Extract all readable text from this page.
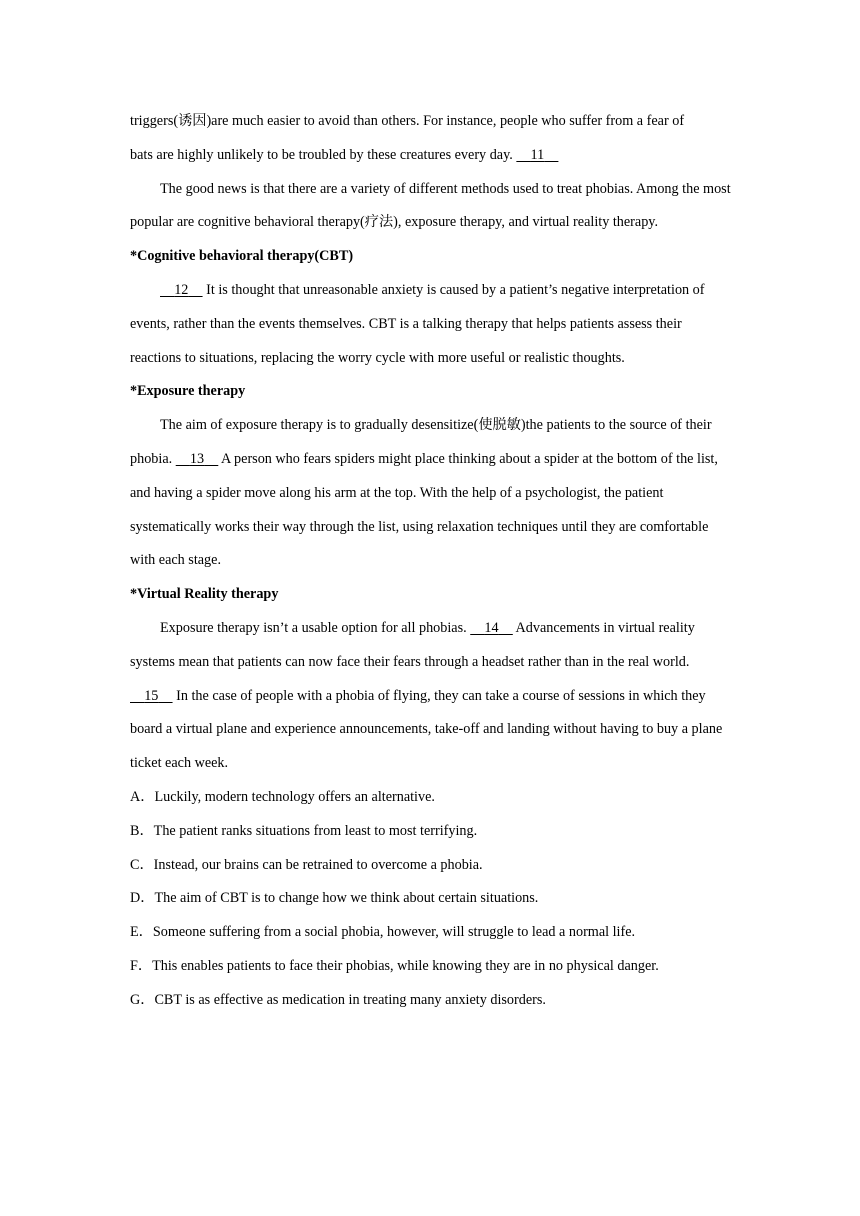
triggers(诱因)are much easier to avoid than others. For instance, people who suffer from a fear of

bats are highly unlikely to be troubled by these creatures every day.     11

The good news is that there are a variety of different methods used to treat phobias. Among the most popular are cognitive behavioral therapy(疗法), exposure therapy, and virtual reality therapy.

*Cognitive behavioral therapy(CBT)

12     It is thought that unreasonable anxiety is caused by a patient’s negative interpretation of events, rather than the events themselves. CBT is a talking therapy that helps patients assess their reactions to situations, replacing the worry cycle with more useful or realistic thoughts.

*Exposure therapy

The aim of exposure therapy is to gradually desensitize(使脱敏)the patients to the source of their phobia.     13     A person who fears spiders might place thinking about a spider at the bottom of the list, and having a spider move along his arm at the top. With the help of a psychologist, the patient systematically works their way through the list, using relaxation techniques until they are comfortable with each stage.

*Virtual Reality therapy

Exposure therapy isn’t a usable option for all phobias.     14     Advancements in virtual reality systems mean that patients can now face their fears through a headset rather than in the real world.     15     In the case of people with a phobia of flying, they can take a course of sessions in which they board a virtual plane and experience announcements, take-off and landing without having to buy a plane ticket each week.

A．Luckily, modern technology offers an alternative.

B．The patient ranks situations from least to most terrifying.

C．Instead, our brains can be retrained to overcome a phobia.

D．The aim of CBT is to change how we think about certain situations.

E．Someone suffering from a social phobia, however, will struggle to lead a normal life.

F．This enables patients to face their phobias, while knowing they are in no physical danger.

G．CBT is as effective as medication in treating many anxiety disorders.
